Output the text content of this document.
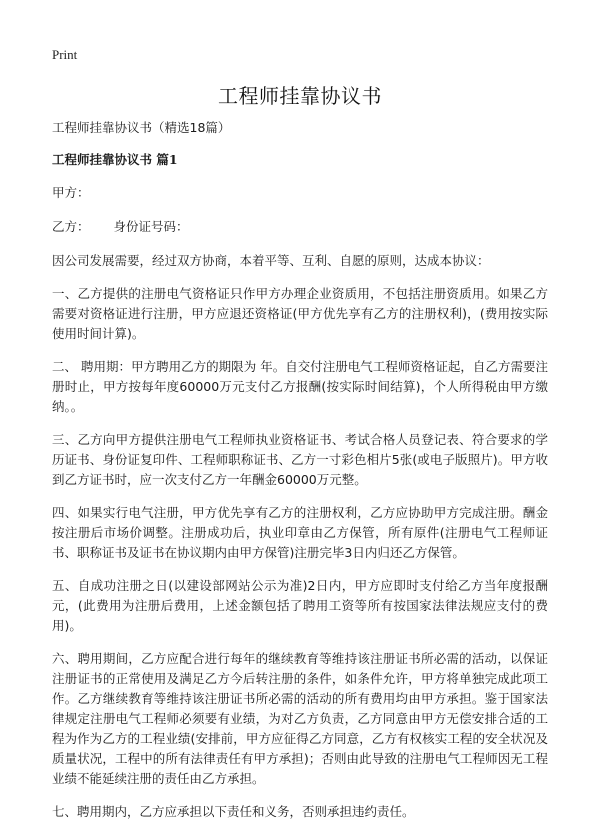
Print
工程师挂靠协议书

工程师挂靠协议书（精选18篇）

工程师挂靠协议书 篇1

甲方：

乙方： 身份证号码：

因公司发展需要，经过双方协商，本着平等、互利、自愿的原则，达成本协议：

一、乙方提供的注册电气资格证只作甲方办理企业资质用，不包括注册资质用。如果乙方需要对资格证进行注册，甲方应退还资格证(甲方优先享有乙方的注册权利)，(费用按实际使用时间计算)。

二、 聘用期：甲方聘用乙方的期限为 年。自交付注册电气工程师资格证起，自乙方需要注册时止，甲方按每年度60000万元支付乙方报酬(按实际时间结算)，个人所得税由甲方缴纳。。

三、乙方向甲方提供注册电气工程师执业资格证书、考试合格人员登记表、符合要求的学历证书、身份证复印件、工程师职称证书、乙方一寸彩色相片5张(或电子版照片)。甲方收到乙方证书时，应一次支付乙方一年酬金60000万元整。

四、如果实行电气注册，甲方优先享有乙方的注册权利，乙方应协助甲方完成注册。酬金按注册后市场价调整。注册成功后，执业印章由乙方保管，所有原件(注册电气工程师证书、职称证书及证书在协议期内由甲方保管)注册完毕3日内归还乙方保管。

五、自成功注册之日(以建设部网站公示为准)2日内，甲方应即时支付给乙方当年度报酬 元，(此费用为注册后费用，上述金额包括了聘用工资等所有按国家法律法规应支付的费用)。

六、聘用期间，乙方应配合进行每年的继续教育等维持该注册证书所必需的活动，以保证注册证书的正常使用及满足乙方今后转注册的条件，如条件允许，甲方将单独完成此项工作。乙方继续教育等维持该注册证书所必需的活动的所有费用均由甲方承担。鉴于国家法律规定注册电气工程师必须要有业绩，为对乙方负责，乙方同意由甲方无偿安排合适的工程为作为乙方的工程业绩(安排前，甲方应征得乙方同意，乙方有权核实工程的安全状况及质量状况，工程中的所有法律责任有甲方承担)；否则由此导致的注册电气工程师因无工程业绩不能延续注册的责任由乙方承担。

七、聘用期内，乙方应承担以下责任和义务，否则承担违约责任。
